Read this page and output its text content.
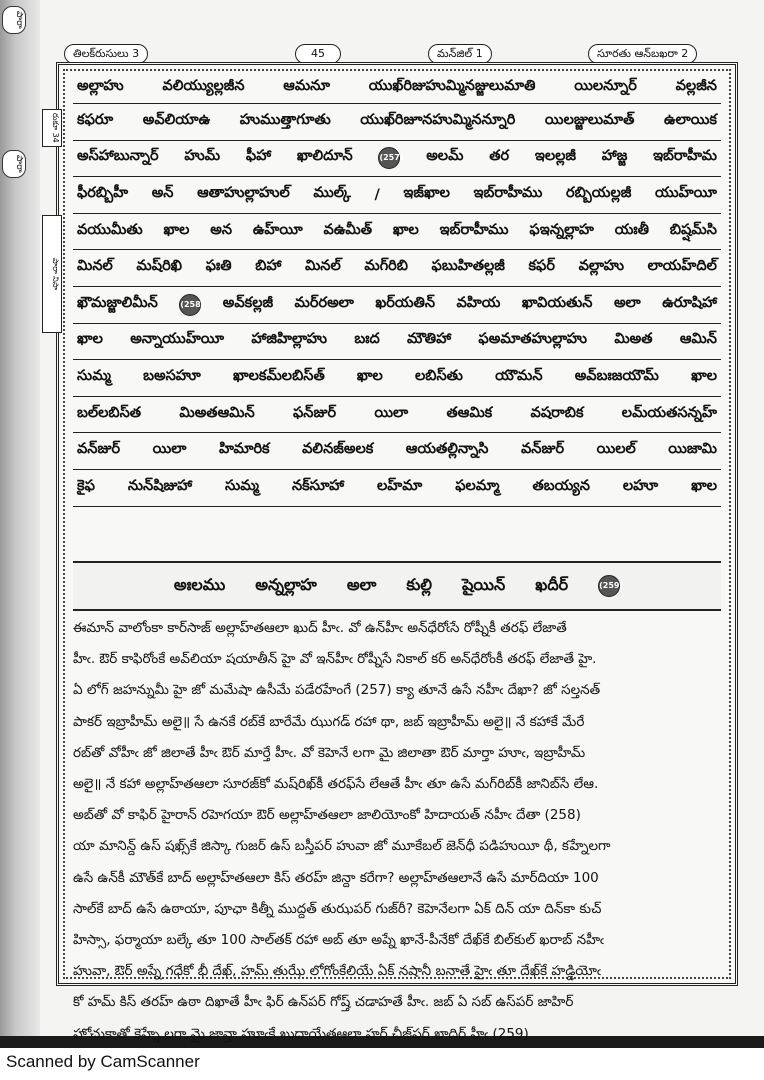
పారా
పారా
తిలక్‌రుసులు 3	45	మన్‌జిల్ 1	సూరతు ఆన్‌బఖరా 2
రుకూ 34
పారా నిసా
అల్లాహు	వలియ్యుల్లజీన	ఆమనూ	యుఖ్‌రిజుహుమ్మినజ్జులుమాతి	యిలన్నూర్	వల్లజీన
కఫరూ అవ్‌లియాఉ హుముత్తాగూతు యుఖ్‌రిజూనహుమ్మినన్నూరి యిలజ్జులుమాత్ ఉలాయిక
అస్‌హాబున్నార్ హుమ్ ఫీహా ఖాలిదూన్	(257) అలమ్ తర ఇలల్లజీ హాజ్జ ఇబ్‌రాహీమ
ఫీరబ్బిహీ అన్ ఆతాహుల్లాహుల్ ముల్క్ / ఇజ్‌ఖాల ఇబ్‌రాహీము రబ్బియల్లజీ యుహ్‌యీ
వయుమీతు ఖాల అన ఉహ్‌యీ వఉమీత్ ఖాల ఇబ్‌రాహీము ఫఇన్నల్లాహ యఃతీ బిష్షమ్‌సి
మినల్ మష్‌రిఖి ఫఃతి బిహా మినల్ మగ్‌రిబి ఫబుహితల్లజీ కఫర్ వల్లాహు లాయహ్‌దిల్
ఖౌమజ్జాలిమీన్	(258) అవ్‌కల్లజీ మర్‌రఅలా ఖర్‌యతిన్ వహియ ఖావియతున్ అలా ఉరూషిహా
ఖాల అన్నాయుహ్‌యీ హాజిహిల్లాహు బఃద మౌతిహా ఫఅమాతహుల్లాహు మిఅత ఆమిన్
సుమ్మ బఅసహూ ఖాలకమ్‌లబిస్‌త్ ఖాల లబిస్‌తు యౌమన్ అవ్‌బఃజయౌమ్ ఖాల
బల్‌లబిస్‌త	మిఅతఆమిన్	ఫన్‌జుర్	యిలా	తఆమిక	వషరాబిక	లమ్‌యతసన్నహ్
వన్‌జుర్ యిలా హిమారిక వలినజ్‌అలక ఆయతల్లిన్నాసి వన్‌జుర్ యిలల్ యిజామి
కైఫ నున్‌షిజుహా సుమ్మ నక్‌సూహా లహ్‌మా ఫలమ్మా తబయ్యన లహూ ఖాల
అఃలము అన్నల్లాహ అలా కుల్లి షైయిన్ ఖదీర్	(259)
ఈమాన్ వాలోంకా కార్‌సాజ్ అల్లాహ్‌తఆలా ఖుద్ హీఁ. వో ఉన్‌హీఁ అన్‌ధేరోఁసే రోష్నీకీ తరఫ్ లేజాతే
హీఁ. ఔర్ కాఫిరోంకే అవ్‌లియా షయాతీన్ హై వో ఇన్‌హీఁ రోష్నీసే నికాల్ కర్ అన్‌ధేరోంకీ తరఫ్ లేజాతే హై.
ఏ లోగ్ జహన్నుమీ హై జో మమేషా ఉసీమే పడేరహేంగే (257) క్యా తూనే ఉసే నహీఁ దేఖా? జో సల్తనత్
పాకర్ ఇబ్రాహీమ్ అలై॥ సే ఉనకే రబ్‌కే బారేమే ఝుగడ్ రహా థా, జబ్ ఇబ్రాహీమ్ అలై॥ నే కహాకే మేరే
రబ్‌తో వోహీఁ జో జిలాతే హీఁ ఔర్ మార్తే హీఁ. వో కెహెనే లగా మై జిలాతా ఔర్ మార్తా హూఁ, ఇబ్రాహీమ్
అలై॥ నే కహా అల్లాహ్‌తఆలా సూరజ్‌కో మష్‌రిఖ్‌కీ తరఫ్‌సే లేఆతే హీఁ తూ ఉసే మగ్‌రిబ్‌కీ జానిబ్‌సే లేఆ.
అబ్‌తో వో కాఫిర్ హైరాన్ రహెగయా ఔర్ అల్లాహ్‌తఆలా జాలియోంకో హిదాయత్ నహీఁ దేతా (258)
యా మానిన్ద్ ఉస్ షఖ్స్‌కే జిస్కా గుజర్ ఉస్ బస్తీపర్ హువా జో మూకేబల్ జెన్‌ధీ పడిహుయీ థీ, కహ్నేలగా
ఉసే ఉన్‌కీ మౌత్‌కే బాద్ అల్లాహ్‌తఆలా కిస్ తరహ్ జిన్దా కరేగా? అల్లాహ్‌తఆలానే ఉసే మార్‌దియా 100
సాల్‌కే బాద్ ఉసే ఉఠాయా, పూఛా కిత్నీ ముద్దత్ తుఝపర్ గుజ్‌రీ? కెహెనేలగా ఏక్ దిన్ యా దిన్‌కా కుచ్
హిస్సా, ఫర్మాయా బల్కే తూ 100 సాల్‌తక్ రహా అబ్ తూ అప్నే ఖానే-పీనేకో దేఖ్‌కే బిల్‌కుల్ ఖరాబ్ నహీఁ
హువా, ఔర్ అప్నే గధేకో భీ దేఖ్, హమ్ తుఝే లోగోంకేలియే ఏక్ నషానీ బనాతే హైఁ తూ దేఖ్‌కే హడ్డియోఁ
కో హమ్ కిస్ తరహ్ ఉఠా దిఖాతే హీఁ ఫిర్ ఉన్‌పర్ గోష్త్ చడాహతే హీఁ. జబ్ ఏ సబ్ ఉస్‌పర్ జాహిర్
హోచుకాతో కెహ్నే లగా మై జాన్తా హూఁకే ఖుదాయేతఆలా హర్ చీజ్‌పర్ ఖాదిర్ హీఁ (259)
Scanned by CamScanner
